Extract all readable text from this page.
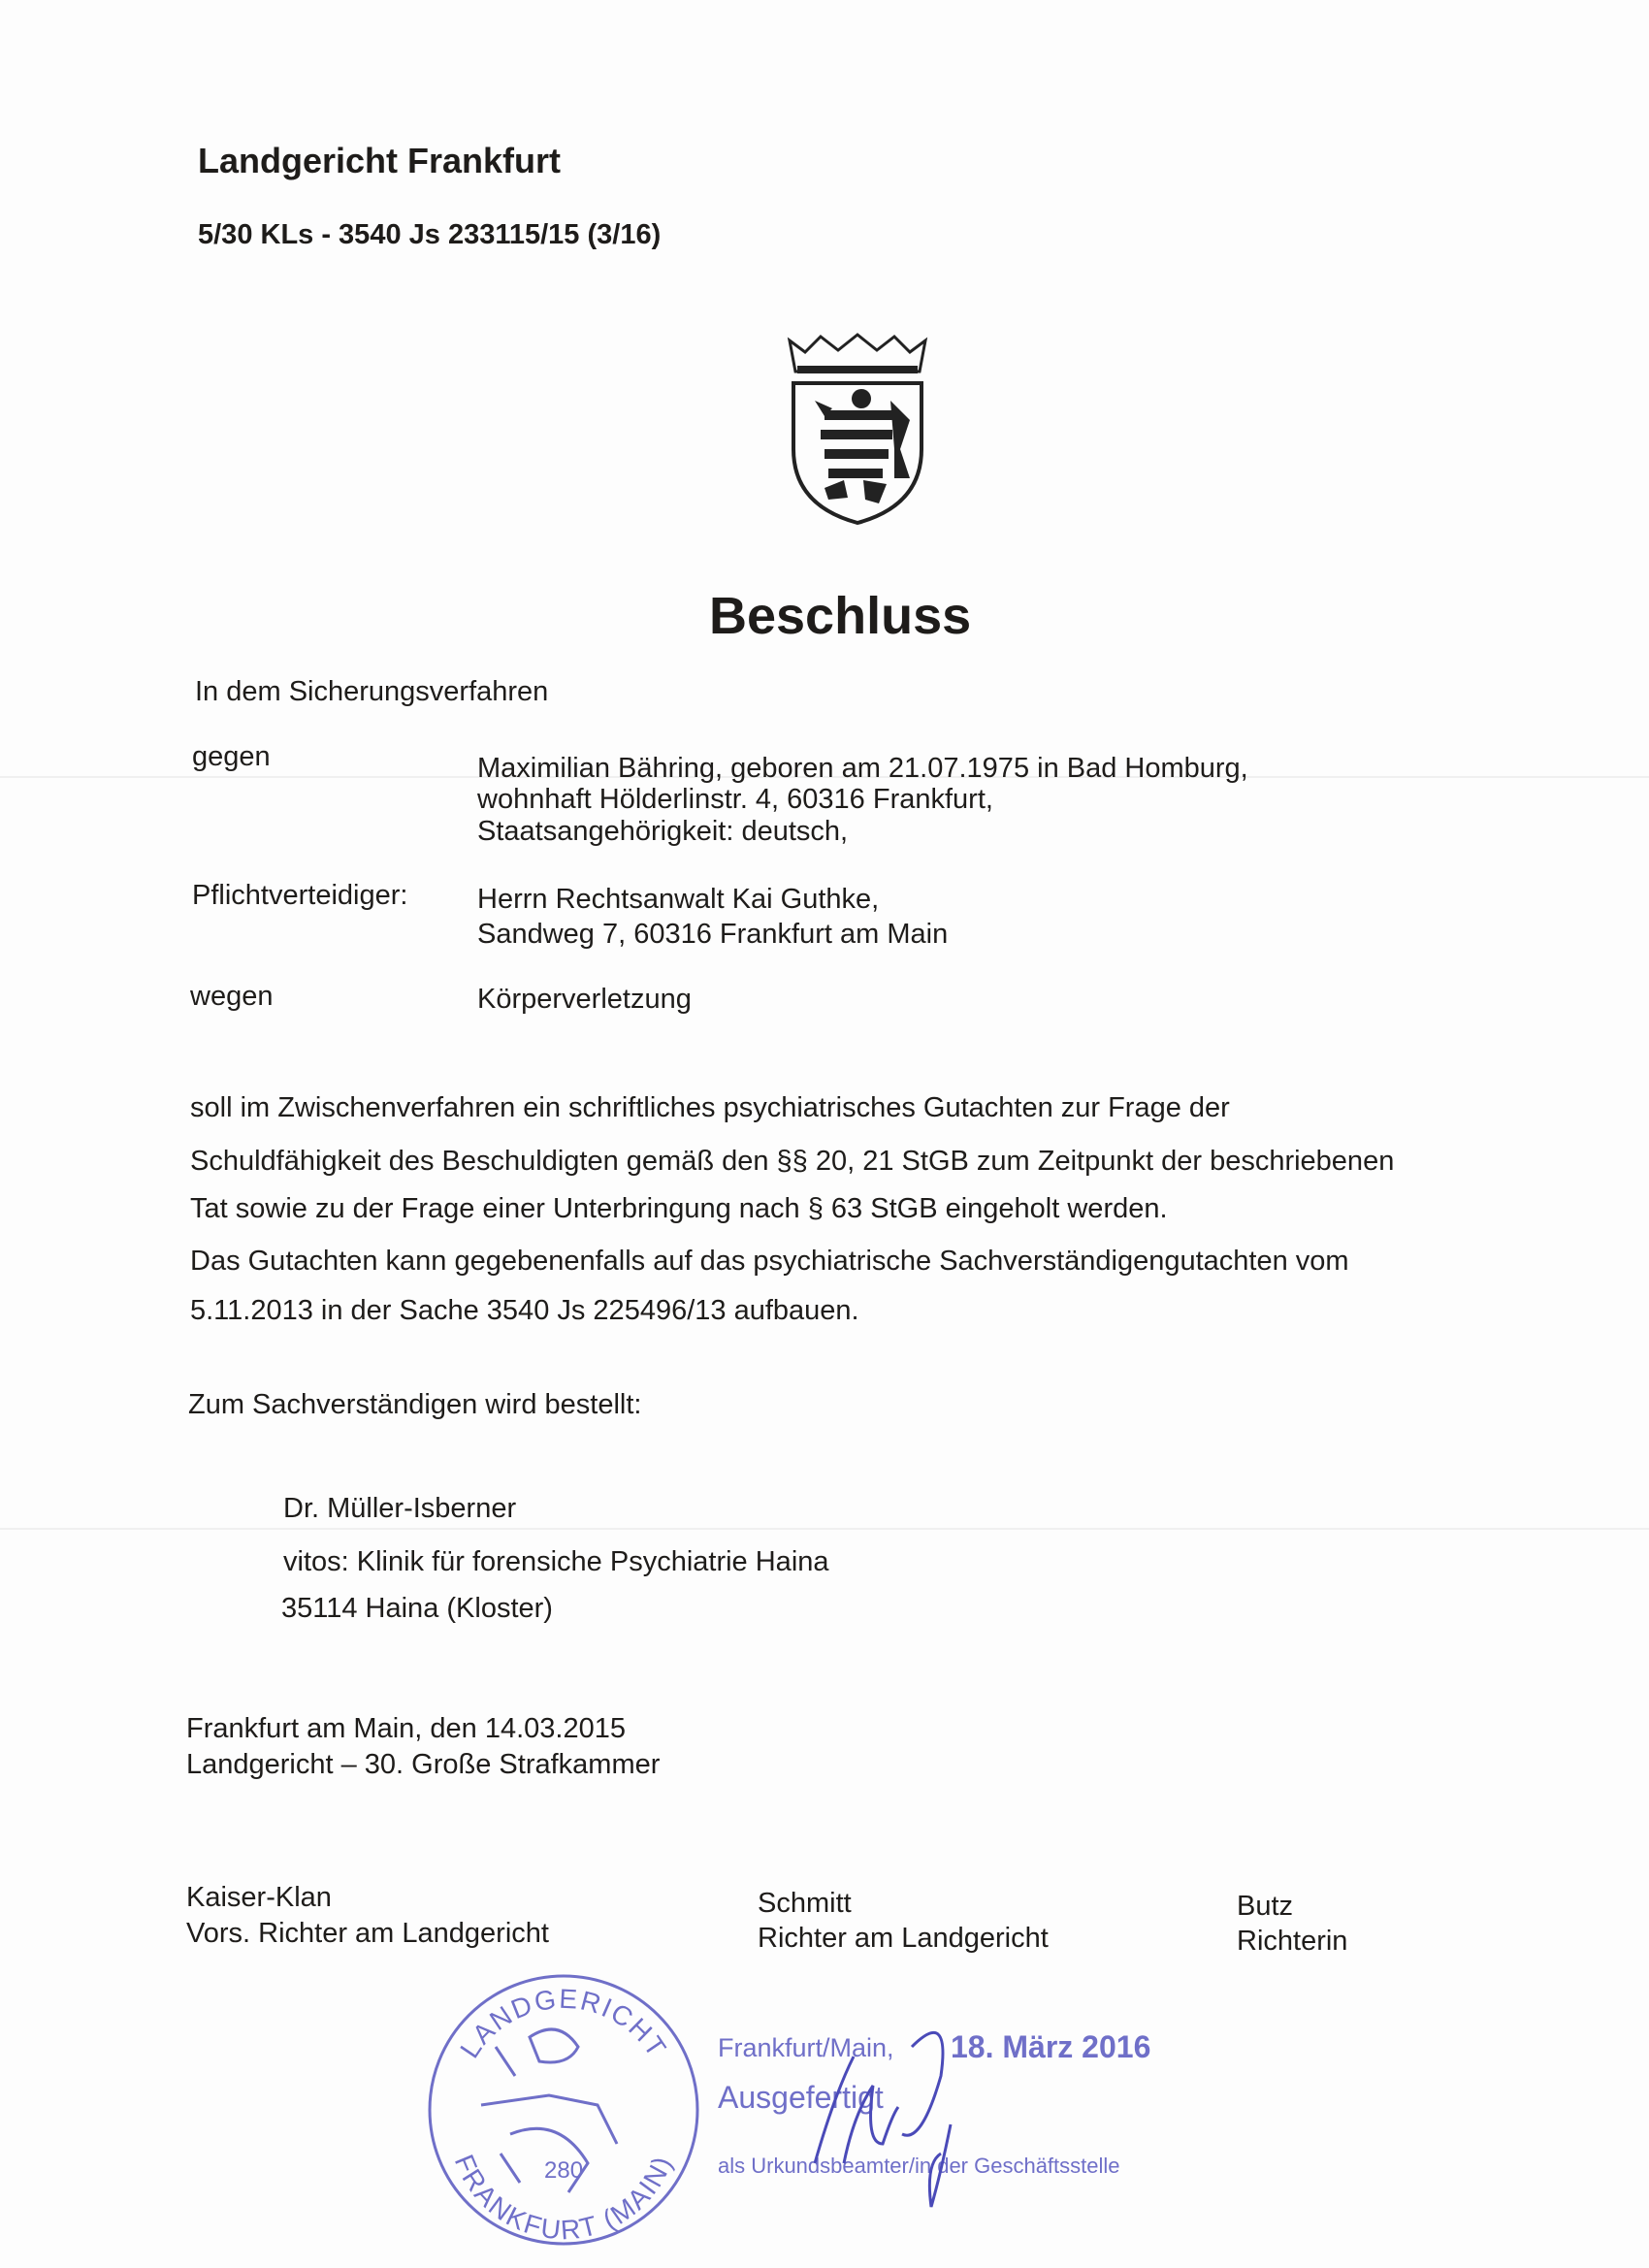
Landgericht Frankfurt
5/30 KLs - 3540 Js 233115/15 (3/16)
Beschluss
In dem Sicherungsverfahren
gegen	Maximilian Bähring, geboren am 21.07.1975 in Bad Homburg,
wohnhaft Hölderlinstr. 4, 60316 Frankfurt,
Staatsangehörigkeit: deutsch,
Pflichtverteidiger: Herrn Rechtsanwalt Kai Guthke,
Sandweg 7, 60316 Frankfurt am Main
wegen	Körperverletzung
soll im Zwischenverfahren ein schriftliches psychiatrisches Gutachten zur Frage der
Schuldfähigkeit des Beschuldigten gemäß den §§ 20, 21 StGB zum Zeitpunkt der beschriebenen
Tat sowie zu der Frage einer Unterbringung nach § 63 StGB eingeholt werden.
Das Gutachten kann gegebenenfalls auf das psychiatrische Sachverständigengutachten vom
5.11.2013 in der Sache 3540 Js 225496/13 aufbauen.
Zum Sachverständigen wird bestellt:
Dr. Müller-Isberner
vitos: Klinik für forensiche Psychiatrie Haina
35114 Haina (Kloster)
Frankfurt am Main, den 14.03.2015
Landgericht – 30. Große Strafkammer
Kaiser-Klan
Vors. Richter am Landgericht
Schmitt
Richter am Landgericht
Butz
Richterin
LANDGERICHT
FRANKFURT (MAIN)
280
Frankfurt/Main, 18. März 2016
Ausgefertigt
als Urkundsbeamter/in der Geschäftsstelle
